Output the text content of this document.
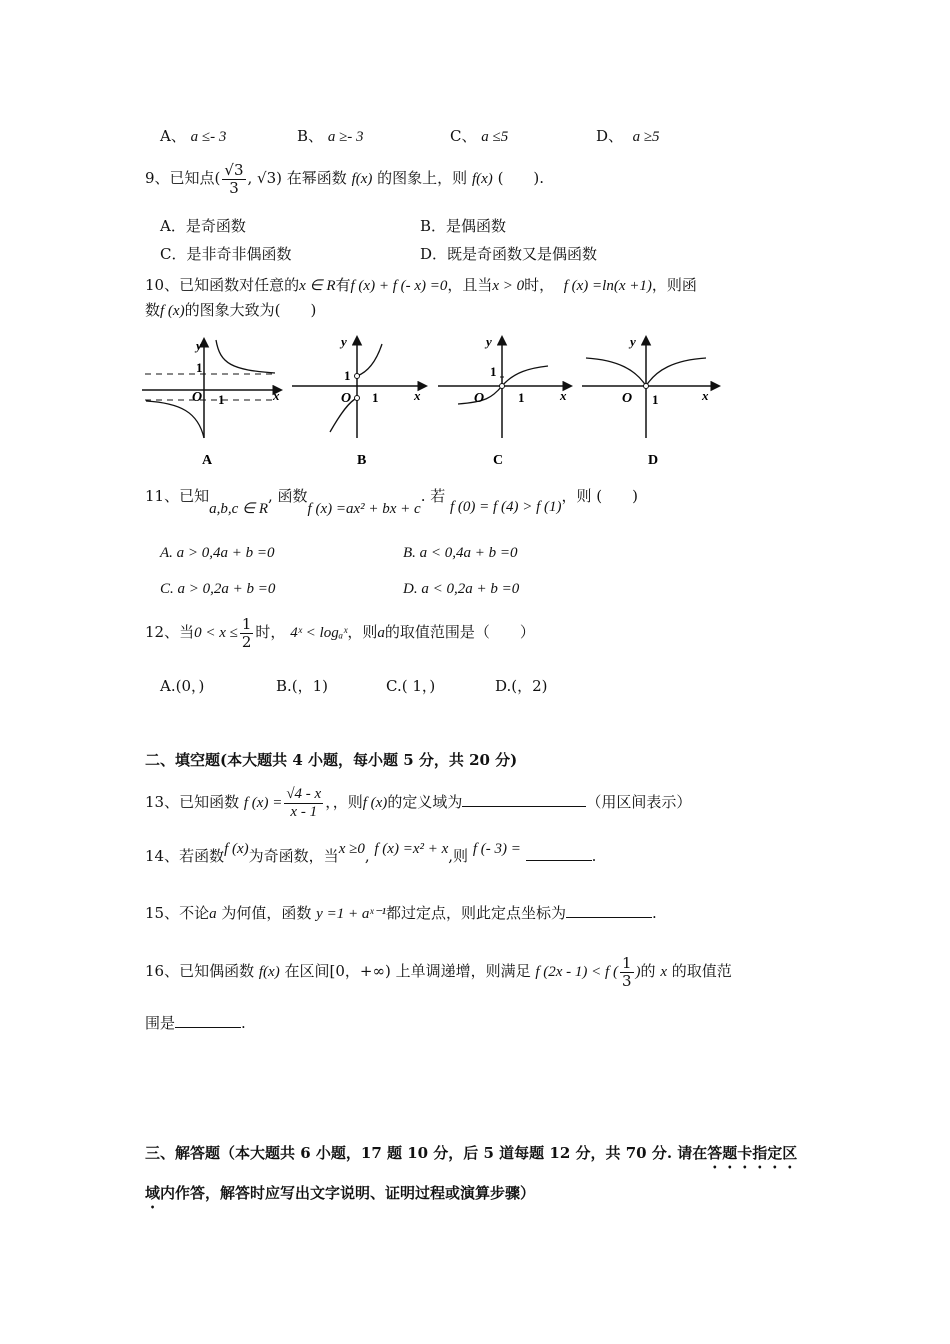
A、 a ≤- 3	B、 a ≥- 3	C、 a ≤5	D、 a ≥5
9、已知点( $\frac{√3}{3}$ , √3) 在幂函数 f(x) 的图象上，则 f(x) (　　).
A．是奇函数	B．是偶函数
C．是非奇非偶函数	D．既是奇函数又是偶函数
10、已知函数对任意的x ∈ R有f (x) + f (- x) =0，且当x > 0时， f (x) =ln(x +1)，则函
数f (x)的图象大致为(　　)
y
x
O
1
1
A
y
x
O
1
1
B
y
x
O
1
1
C
y
x
O 1
D
11、已知a,b,c ∈ R, 函数f (x) =ax² + bx + c. 若 f (0) = f (4) > f (1)，则 (　　)
A. a > 0,4a + b =0	B. a < 0,4a + b =0
C. a > 0,2a + b =0	D. a < 0,2a + b =0
12、当$0 < x \le \frac{1}{2}$ 时， 4ˣ < logₐˣ，则a的取值范围是（　　）
A.(0，)	B.(，1)	C.( 1，)	D.(，2)
二、填空题(本大题共 4 小题，每小题 5 分，共 20 分)
13、已知函数 f $(x) = \frac{√4 - x}{x - 1}$ ，，则f (x)的定义域为	（用区间表示）
14、若函数f (x)为奇函数，当x ≥0, f (x) =x² + x,则 f (- 3) =	.
15、不论a 为何值，函数 y =1 + aˣ⁻¹都过定点，则此定点坐标为	.
16、已知偶函数 f(x) 在区间[0，+∞) 上单调递增，则满足 f (2x - 1) < f ( $\frac{1}{3}$ )的 x 的取值范
围是	.
三、解答题（本大题共 6 小题，17 题 10 分，后 5 道每题 12 分，共 70 分. 请在答题卡指定区
域内作答，解答时应写出文字说明、证明过程或演算步骤）
